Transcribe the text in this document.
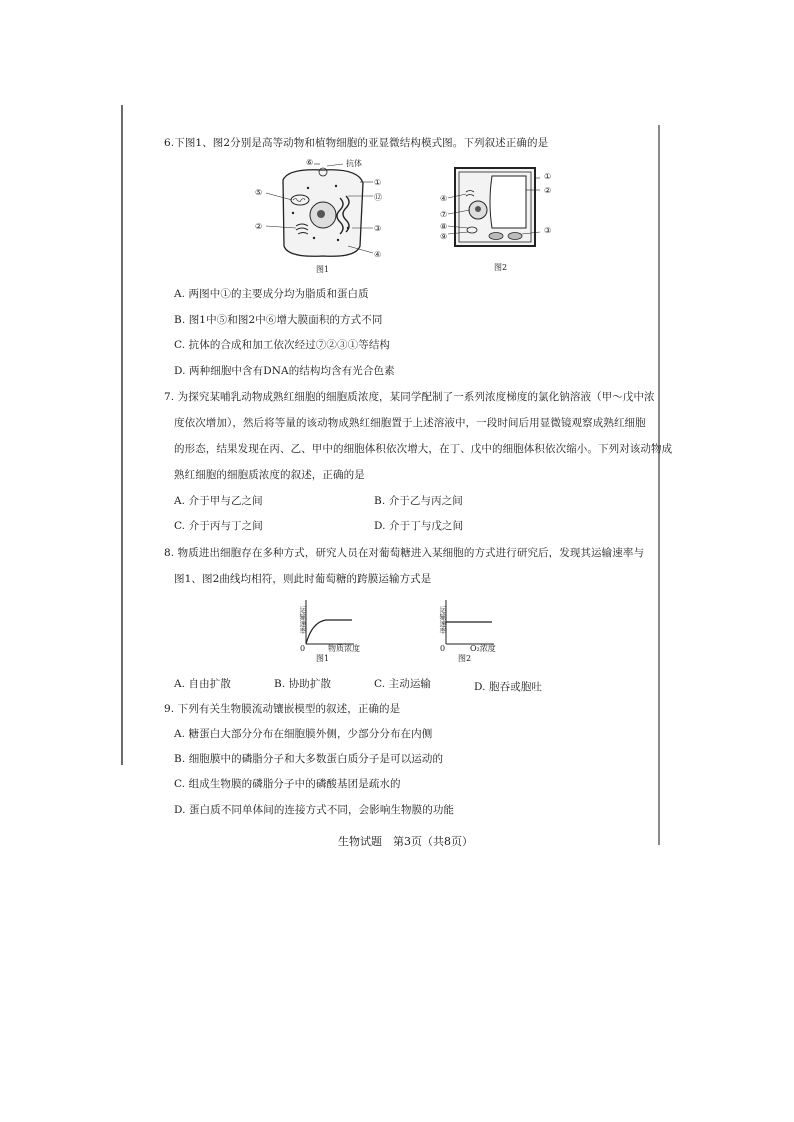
6.下图1、图2分别是高等动物和植物细胞的亚显微结构模式图。下列叙述正确的是
⑥	抗体
⑤
②
①
⑫
③
④
图1
①
②
④
⑦
⑧
⑨
③
图2
A. 两图中①的主要成分均为脂质和蛋白质
B. 图1中⑤和图2中⑥增大膜面积的方式不同
C. 抗体的合成和加工依次经过⑦②③①等结构
D. 两种细胞中含有DNA的结构均含有光合色素
7. 为探究某哺乳动物成熟红细胞的细胞质浓度，某同学配制了一系列浓度梯度的氯化钠溶液（甲～戊中浓
度依次增加），然后将等量的该动物成熟红细胞置于上述溶液中，一段时间后用显微镜观察成熟红细胞
的形态，结果发现在丙、乙、甲中的细胞体积依次增大，在丁、戊中的细胞体积依次缩小。下列对该动物成
熟红细胞的细胞质浓度的叙述，正确的是
A. 介于甲与乙之间	B. 介于乙与丙之间
C. 介于丙与丁之间	D. 介于丁与戊之间
8. 物质进出细胞存在多种方式，研究人员在对葡萄糖进入某细胞的方式进行研究后，发现其运输速率与
图1、图2曲线均相符，则此时葡萄糖的跨膜运输方式是
运输速率
0	物质浓度
图1
运输速率
0	O₂浓度
图2
A. 自由扩散	B. 协助扩散	C. 主动运输	D. 胞吞或胞吐
9. 下列有关生物膜流动镶嵌模型的叙述，正确的是
A. 糖蛋白大部分分布在细胞膜外侧，少部分分布在内侧
B. 细胞膜中的磷脂分子和大多数蛋白质分子是可以运动的
C. 组成生物膜的磷脂分子中的磷酸基团是疏水的
D. 蛋白质不同单体间的连接方式不同，会影响生物膜的功能
生物试题　第3页（共8页）
